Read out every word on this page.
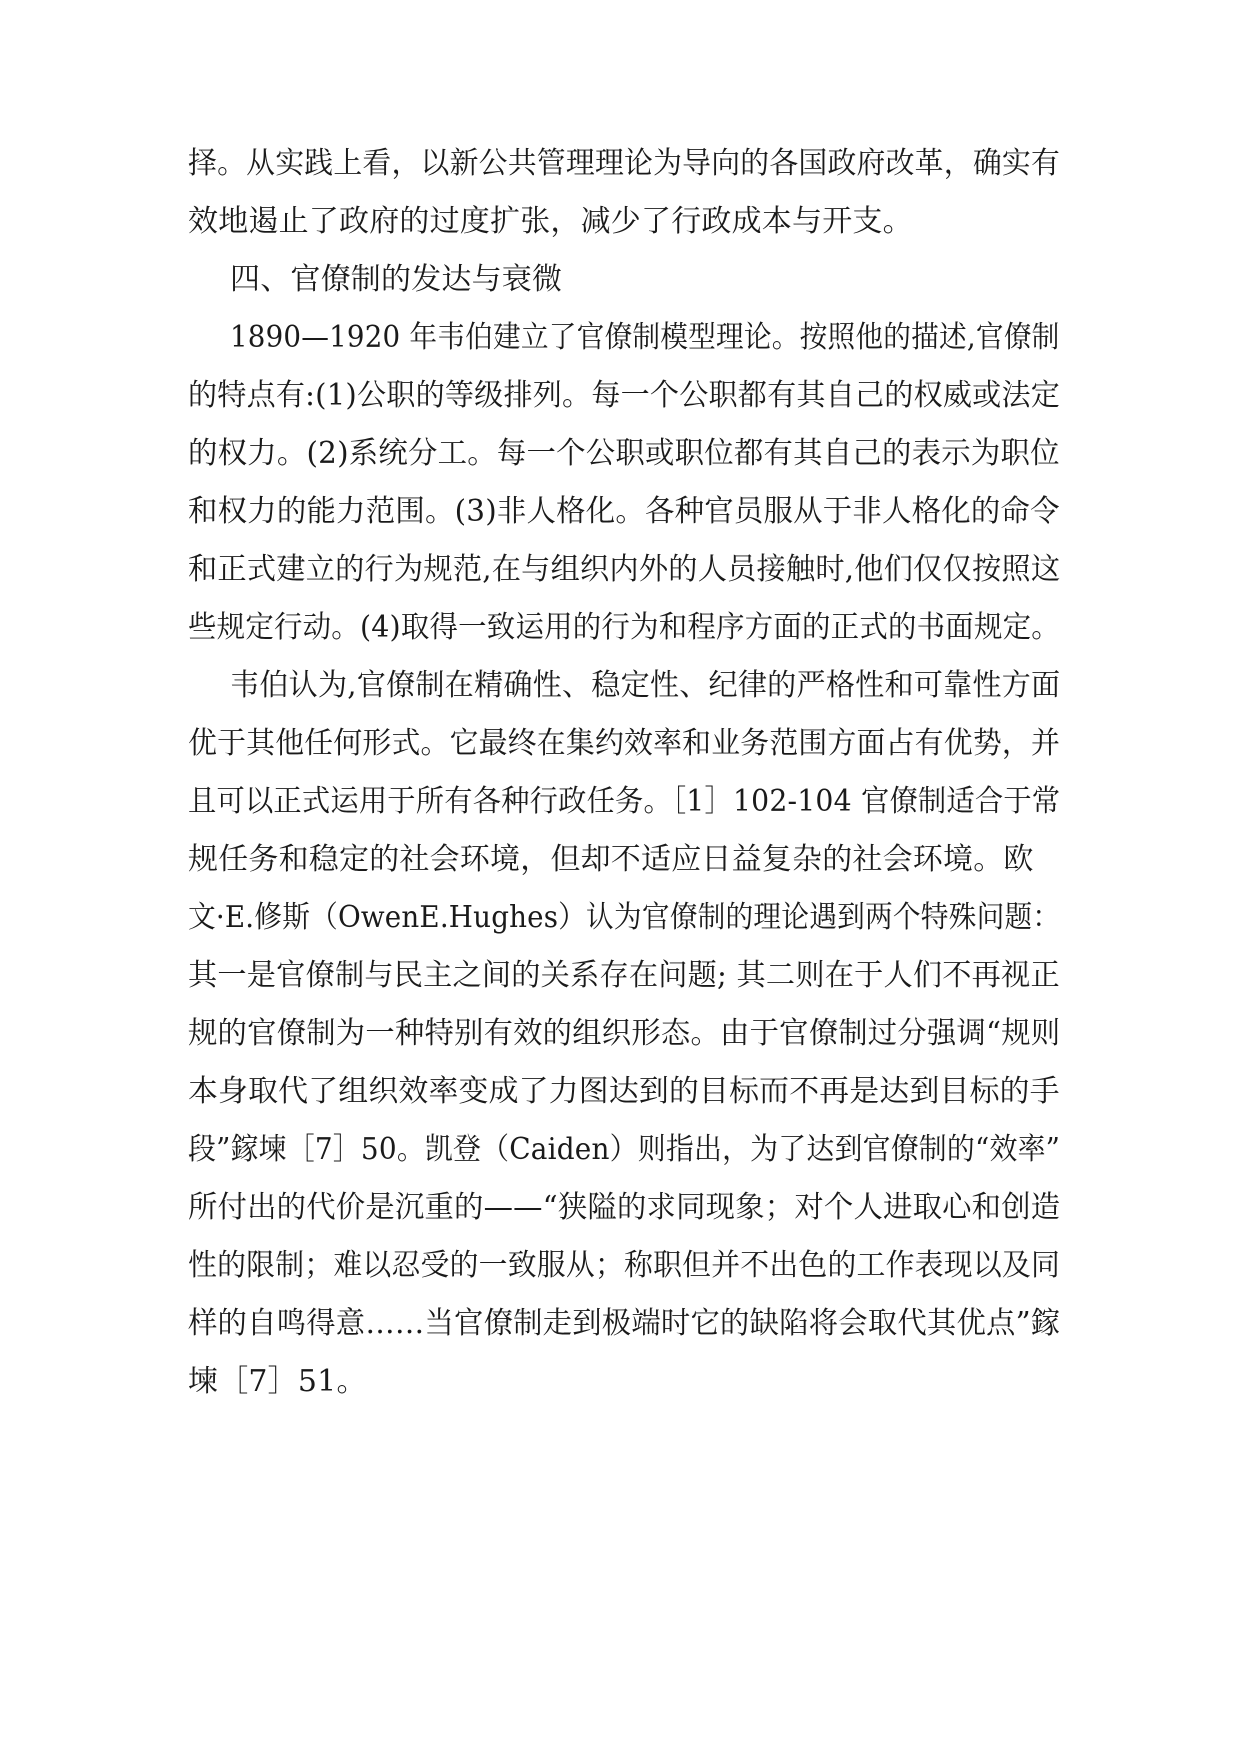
择。从实践上看，以新公共管理理论为导向的各国政府改革，确实有
效地遏止了政府的过度扩张，减少了行政成本与开支。
四、官僚制的发达与衰微
1890—1920 年韦伯建立了官僚制模型理论。按照他的描述,官僚制
的特点有:(1)公职的等级排列。每一个公职都有其自己的权威或法定
的权力。(2)系统分工。每一个公职或职位都有其自己的表示为职位
和权力的能力范围。(3)非人格化。各种官员服从于非人格化的命令
和正式建立的行为规范,在与组织内外的人员接触时,他们仅仅按照这
些规定行动。(4)取得一致运用的行为和程序方面的正式的书面规定。
韦伯认为,官僚制在精确性、稳定性、纪律的严格性和可靠性方面
优于其他任何形式。它最终在集约效率和业务范围方面占有优势，并
且可以正式运用于所有各种行政任务。［1］102-104 官僚制适合于常
规任务和稳定的社会环境，但却不适应日益复杂的社会环境。欧
文·E.修斯（OwenE.Hughes）认为官僚制的理论遇到两个特殊问题：
其一是官僚制与民主之间的关系存在问题; 其二则在于人们不再视正
规的官僚制为一种特别有效的组织形态。由于官僚制过分强调“规则
本身取代了组织效率变成了力图达到的目标而不再是达到目标的手
段”鎵堜［7］50。凯登（Caiden）则指出，为了达到官僚制的“效率”
所付出的代价是沉重的——“狭隘的求同现象；对个人进取心和创造
性的限制；难以忍受的一致服从；称职但并不出色的工作表现以及同
样的自鸣得意……当官僚制走到极端时它的缺陷将会取代其优点”鎵
堜［7］51。
